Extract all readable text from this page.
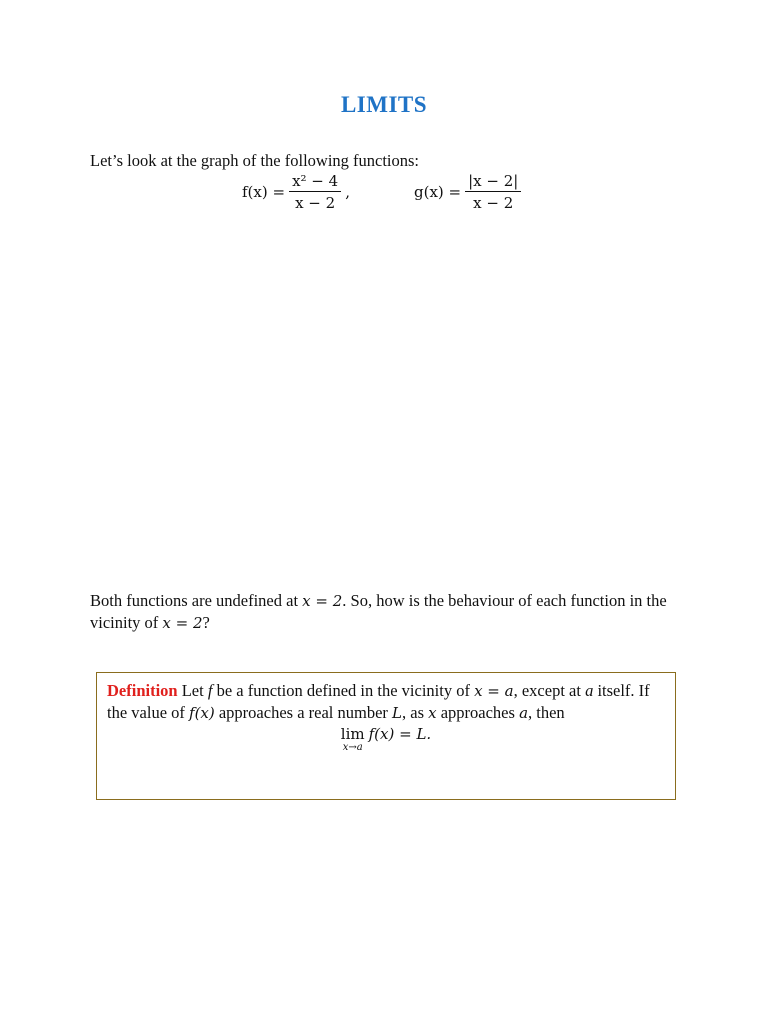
LIMITS
Let’s look at the graph of the following functions:
$f(x) = \frac{\text{x² − 4}}{x - 2}$ ,	$g(x) = \frac{|x - 2|}{x - 2}$
Both functions are undefined at x = 2. So, how is the behaviour of each function in the vicinity of x = 2?
Definition Let f be a function defined in the vicinity of x = a, except at a itself. If the value of f(x) approaches a real number L, as x approaches a, then
lim
x→a
f(x) = L.
